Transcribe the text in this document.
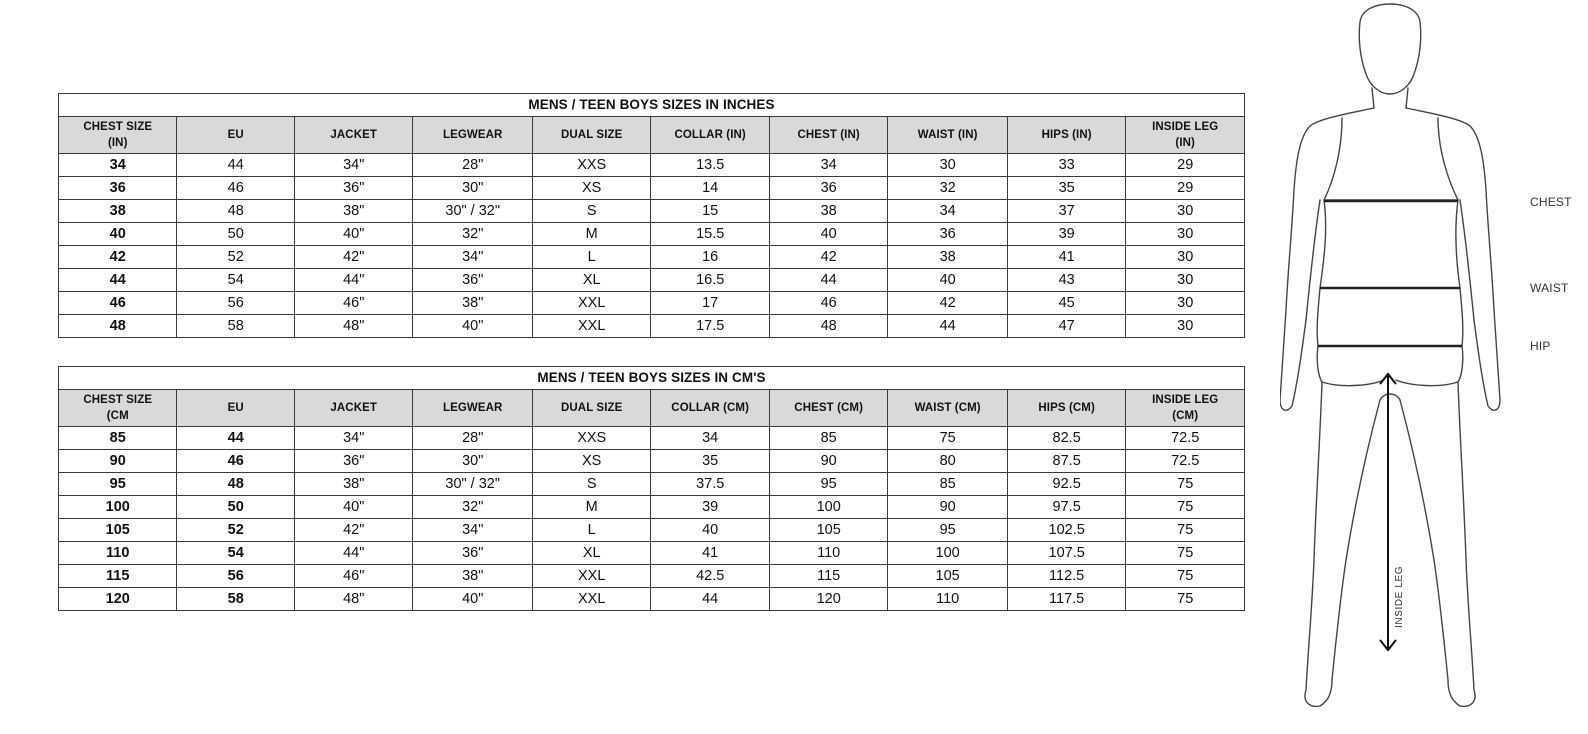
MENS / TEEN BOYS SIZES IN INCHES
CHEST SIZE
(IN)	EU	JACKET	LEGWEAR	DUAL SIZE	COLLAR (IN)	CHEST (IN)	WAIST (IN)	HIPS (IN)	INSIDE LEG
(IN)
34	44	34"	28"	XXS	13.5	34	30	33	29
36	46	36"	30"	XS	14	36	32	35	29
38	48	38"	30" / 32"	S	15	38	34	37	30
40	50	40"	32"	M	15.5	40	36	39	30
42	52	42"	34"	L	16	42	38	41	30
44	54	44"	36"	XL	16.5	44	40	43	30
46	56	46"	38"	XXL	17	46	42	45	30
48	58	48"	40"	XXL	17.5	48	44	47	30
MENS / TEEN BOYS SIZES IN CM'S
CHEST SIZE
(CM	EU	JACKET	LEGWEAR	DUAL SIZE	COLLAR (CM)	CHEST (CM)	WAIST (CM)	HIPS (CM)	INSIDE LEG
(CM)
85	44	34"	28"	XXS	34	85	75	82.5	72.5
90	46	36"	30"	XS	35	90	80	87.5	72.5
95	48	38"	30" / 32"	S	37.5	95	85	92.5	75
100	50	40"	32"	M	39	100	90	97.5	75
105	52	42"	34"	L	40	105	95	102.5	75
110	54	44"	36"	XL	41	110	100	107.5	75
115	56	46"	38"	XXL	42.5	115	105	112.5	75
120	58	48"	40"	XXL	44	120	110	117.5	75
CHEST
WAIST
HIP
INSIDE LEG
